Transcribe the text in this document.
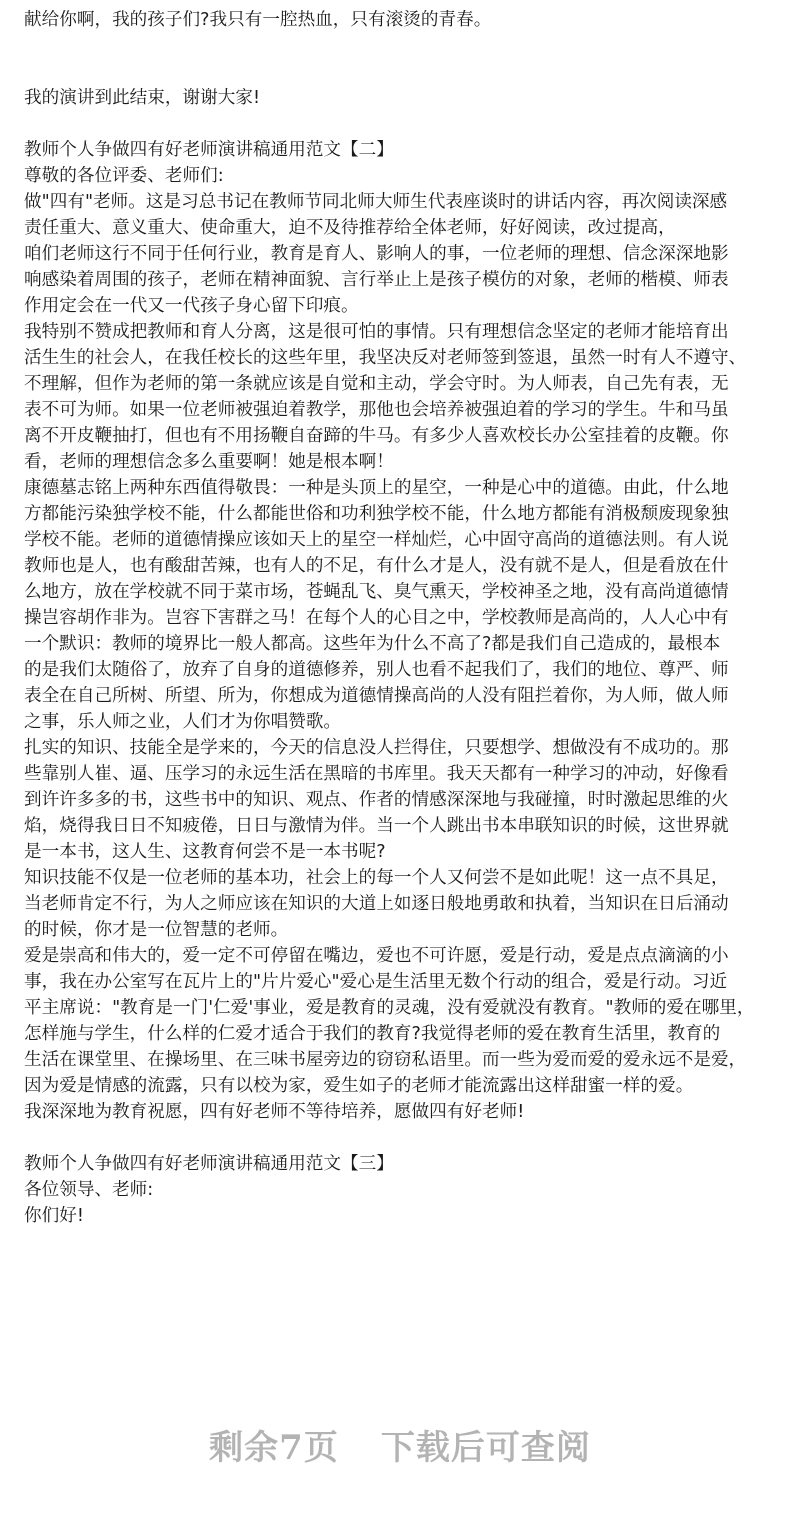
献给你啊，我的孩子们?我只有一腔热血，只有滚烫的青春。
我的演讲到此结束，谢谢大家!
教师个人争做四有好老师演讲稿通用范文【二】
尊敬的各位评委、老师们:
做"四有"老师。这是习总书记在教师节同北师大师生代表座谈时的讲话内容，再次阅读深感
责任重大、意义重大、使命重大，迫不及待推荐给全体老师，好好阅读，改过提高，
咱们老师这行不同于任何行业，教育是育人、影响人的事，一位老师的理想、信念深深地影
响感染着周围的孩子，老师在精神面貌、言行举止上是孩子模仿的对象，老师的楷模、师表
作用定会在一代又一代孩子身心留下印痕。
我特别不赞成把教师和育人分离，这是很可怕的事情。只有理想信念坚定的老师才能培育出
活生生的社会人，在我任校长的这些年里，我坚决反对老师签到签退，虽然一时有人不遵守、
不理解，但作为老师的第一条就应该是自觉和主动，学会守时。为人师表，自己先有表，无
表不可为师。如果一位老师被强迫着教学，那他也会培养被强迫着的学习的学生。牛和马虽
离不开皮鞭抽打，但也有不用扬鞭自奋蹄的牛马。有多少人喜欢校长办公室挂着的皮鞭。你
看，老师的理想信念多么重要啊！她是根本啊！
康德墓志铭上两种东西值得敬畏：一种是头顶上的星空，一种是心中的道德。由此，什么地
方都能污染独学校不能，什么都能世俗和功利独学校不能，什么地方都能有消极颓废现象独
学校不能。老师的道德情操应该如天上的星空一样灿烂，心中固守高尚的道德法则。有人说
教师也是人，也有酸甜苦辣，也有人的不足，有什么才是人，没有就不是人，但是看放在什
么地方，放在学校就不同于菜市场，苍蝇乱飞、臭气熏天，学校神圣之地，没有高尚道德情
操岂容胡作非为。岂容下害群之马！在每个人的心目之中，学校教师是高尚的，人人心中有
一个默识：教师的境界比一般人都高。这些年为什么不高了?都是我们自己造成的，最根本
的是我们太随俗了，放弃了自身的道德修养，别人也看不起我们了，我们的地位、尊严、师
表全在自己所树、所望、所为，你想成为道德情操高尚的人没有阻拦着你，为人师，做人师
之事，乐人师之业，人们才为你唱赞歌。
扎实的知识、技能全是学来的，今天的信息没人拦得住，只要想学、想做没有不成功的。那
些靠别人崔、逼、压学习的永远生活在黑暗的书库里。我天天都有一种学习的冲动，好像看
到许许多多的书，这些书中的知识、观点、作者的情感深深地与我碰撞，时时激起思维的火
焰，烧得我日日不知疲倦，日日与激情为伴。当一个人跳出书本串联知识的时候，这世界就
是一本书，这人生、这教育何尝不是一本书呢?
知识技能不仅是一位老师的基本功，社会上的每一个人又何尝不是如此呢！这一点不具足，
当老师肯定不行，为人之师应该在知识的大道上如逐日般地勇敢和执着，当知识在日后涌动
的时候，你才是一位智慧的老师。
爱是崇高和伟大的，爱一定不可停留在嘴边，爱也不可许愿，爱是行动，爱是点点滴滴的小
事，我在办公室写在瓦片上的"片片爱心"爱心是生活里无数个行动的组合，爱是行动。习近
平主席说："教育是一门'仁爱'事业，爱是教育的灵魂，没有爱就没有教育。"教师的爱在哪里，
怎样施与学生，什么样的仁爱才适合于我们的教育?我觉得老师的爱在教育生活里，教育的
生活在课堂里、在操场里、在三味书屋旁边的窃窃私语里。而一些为爱而爱的爱永远不是爱，
因为爱是情感的流露，只有以校为家，爱生如子的老师才能流露出这样甜蜜一样的爱。
我深深地为教育祝愿，四有好老师不等待培养，愿做四有好老师!
教师个人争做四有好老师演讲稿通用范文【三】
各位领导、老师:
你们好!
剩余7页 下载后可查阅
